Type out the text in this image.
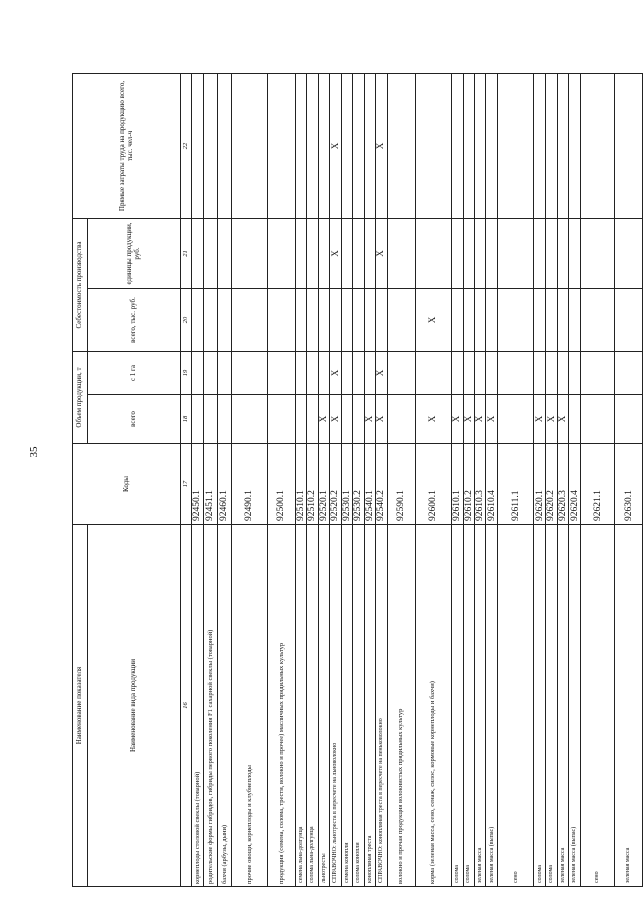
35
Наименование показателя	Коды	Объем продукции, т		Себестоимость производства		Прямые затраты труда на продукцию всего, тыс. чел-ч
Наименование вида продукции						
		всего	с 1 га	всего, тыс. руб.	единицы продукции, руб.	
16	17	18	19	20	21	22
корнеплоды столовой свеклы (товарной)	92450.1					
родительские формы гибридов, гибриды первого поколения F1 сахарной свеклы (товарной)	92451.1					
бахчи (арбузы, дыни)	92460.1					
прочие овощи, корнеплоды и клубнеплоды	92490.1					
продукция (семена, солома, трести, волокно и прочее) масличных прядильных культур	92500.1					
семена льна-долгунца	92510.1					
солома льна-долгунца	92510.2					
льнотресты	92520.1	X				
СПРАВОЧНО: льнотреста в пересчете на льноволокно	92520.2	X	X		X	X
семена конопли	92530.1					
солома конопли	92530.2					
конопляная треста	92540.1	X				
СПРАВОЧНО: конопляная треста в пересчете на пеньковолокно	92540.2	X	X		X	X
волокно и прочая продукция волокнистых прядильных культур	92590.1					
корма (зеленая масса, сено, сенаж, силос, кормовые корнеплоды и бахчи)	92600.1	X		X		
солома	92610.1	X				
солома	92610.2	X				
зеленая масса	92610.3	X				
зеленая масса (выпас)	92610.4	X				
сено	92611.1					
солома	92620.1	X				
солома	92620.2	X				
зеленая масса	92620.3	X				
зеленая масса (выпас)	92620.4					
сено	92621.1					
зеленая масса	92630.1					
